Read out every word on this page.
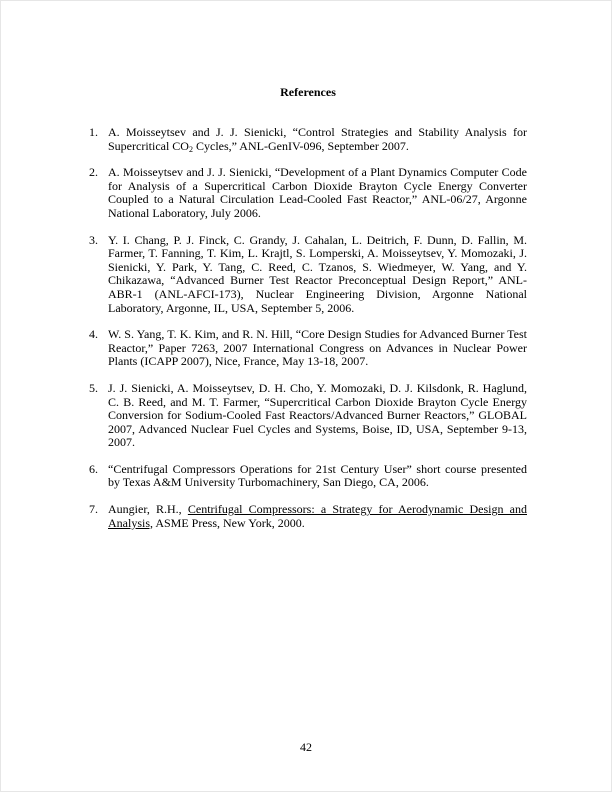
References
1. A. Moisseytsev and J. J. Sienicki, “Control Strategies and Stability Analysis for Supercritical $CO_2$ Cycles,” ANL-GenIV-096, September 2007.
2. A. Moisseytsev and J. J. Sienicki, “Development of a Plant Dynamics Computer Code for Analysis of a Supercritical Carbon Dioxide Brayton Cycle Energy Converter Coupled to a Natural Circulation Lead-Cooled Fast Reactor,” ANL-06/27, Argonne National Laboratory, July 2006.
3. Y. I. Chang, P. J. Finck, C. Grandy, J. Cahalan, L. Deitrich, F. Dunn, D. Fallin, M. Farmer, T. Fanning, T. Kim, L. Krajtl, S. Lomperski, A. Moisseytsev, Y. Momozaki, J. Sienicki, Y. Park, Y. Tang, C. Reed, C. Tzanos, S. Wiedmeyer, W. Yang, and Y. Chikazawa, “Advanced Burner Test Reactor Preconceptual Design Report,” ANL-ABR-1 (ANL-AFCI-173), Nuclear Engineering Division, Argonne National Laboratory, Argonne, IL, USA, September 5, 2006.
4. W. S. Yang, T. K. Kim, and R. N. Hill, “Core Design Studies for Advanced Burner Test Reactor,” Paper 7263, 2007 International Congress on Advances in Nuclear Power Plants (ICAPP 2007), Nice, France, May 13-18, 2007.
5. J. J. Sienicki, A. Moisseytsev, D. H. Cho, Y. Momozaki, D. J. Kilsdonk, R. Haglund, C. B. Reed, and M. T. Farmer, “Supercritical Carbon Dioxide Brayton Cycle Energy Conversion for Sodium-Cooled Fast Reactors/Advanced Burner Reactors,” GLOBAL 2007, Advanced Nuclear Fuel Cycles and Systems, Boise, ID, USA, September 9-13, 2007.
6. “Centrifugal Compressors Operations for 21st Century User” short course presented by Texas A&M University Turbomachinery, San Diego, CA, 2006.
7. Aungier, R.H., Centrifugal Compressors: a Strategy for Aerodynamic Design and Analysis, ASME Press, New York, 2000.
42
